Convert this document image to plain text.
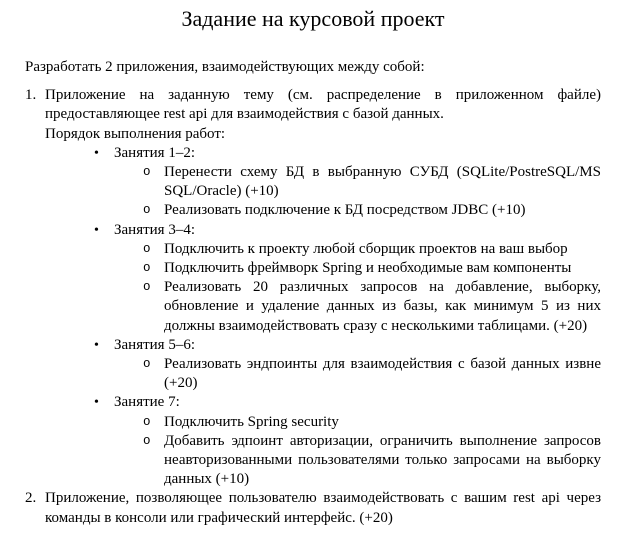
Задание на курсовой проект

Разработать 2 приложения, взаимодействующих между собой:

1. Приложение на заданную тему (см. распределение в приложенном файле)
предоставляющее rest api для взаимодействия с базой данных.
Порядок выполнения работ:
•	Занятия 1–2:
o Перенести схему БД в выбранную СУБД (SQLite/PostreSQL/MS
SQL/Oracle) (+10)
o Реализовать подключение к БД посредством JDBC (+10)
•	Занятия 3–4:
o Подключить к проекту любой сборщик проектов на ваш выбор
o Подключить фреймворк Spring и необходимые вам компоненты
o Реализовать 20 различных запросов на добавление, выборку,
обновление и удаление данных из базы, как минимум 5 из них
должны взаимодействовать сразу с несколькими таблицами. (+20)
•	Занятия 5–6:
o Реализовать эндпоинты для взаимодействия с базой данных извне
(+20)
•	Занятие 7:
o Подключить Spring security
o Добавить эдпоинт авторизации, ограничить выполнение запросов
неавторизованными пользователями только запросами на выборку
данных (+10)
2. Приложение, позволяющее пользователю взаимодействовать с вашим rest api через
команды в консоли или графический интерфейс. (+20)
